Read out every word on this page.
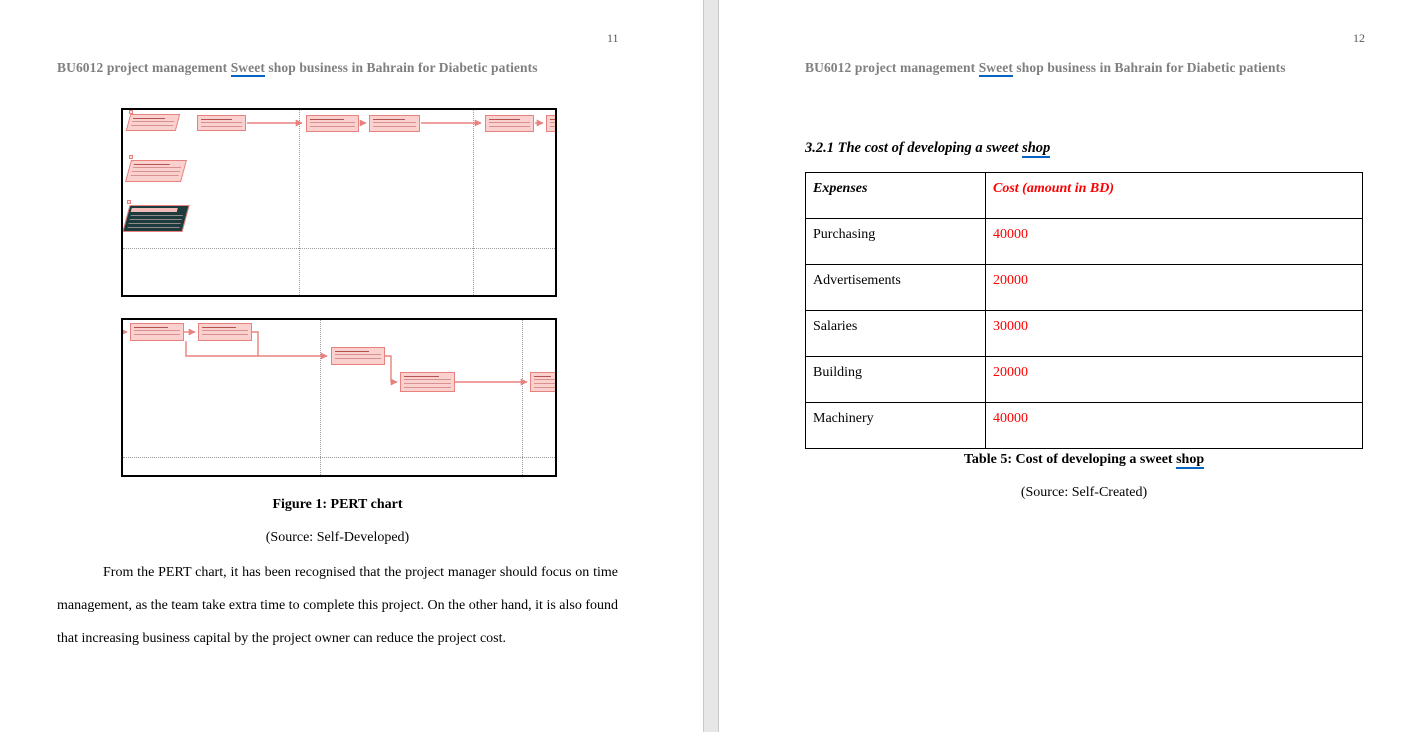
11
BU6012 project management Sweet shop business in Bahrain for Diabetic patients
Figure 1: PERT chart
(Source: Self-Developed)

From the PERT chart, it has been recognised that the project manager should focus on time management, as the team take extra time to complete this project. On the other hand, it is also found that increasing business capital by the project owner can reduce the project cost.

12
BU6012 project management Sweet shop business in Bahrain for Diabetic patients
3.2.1 The cost of developing a sweet shop
Expenses	Cost (amount in BD)
Purchasing	40000
Advertisements	20000
Salaries	30000
Building	20000
Machinery	40000
Table 5: Cost of developing a sweet shop
(Source: Self-Created)
